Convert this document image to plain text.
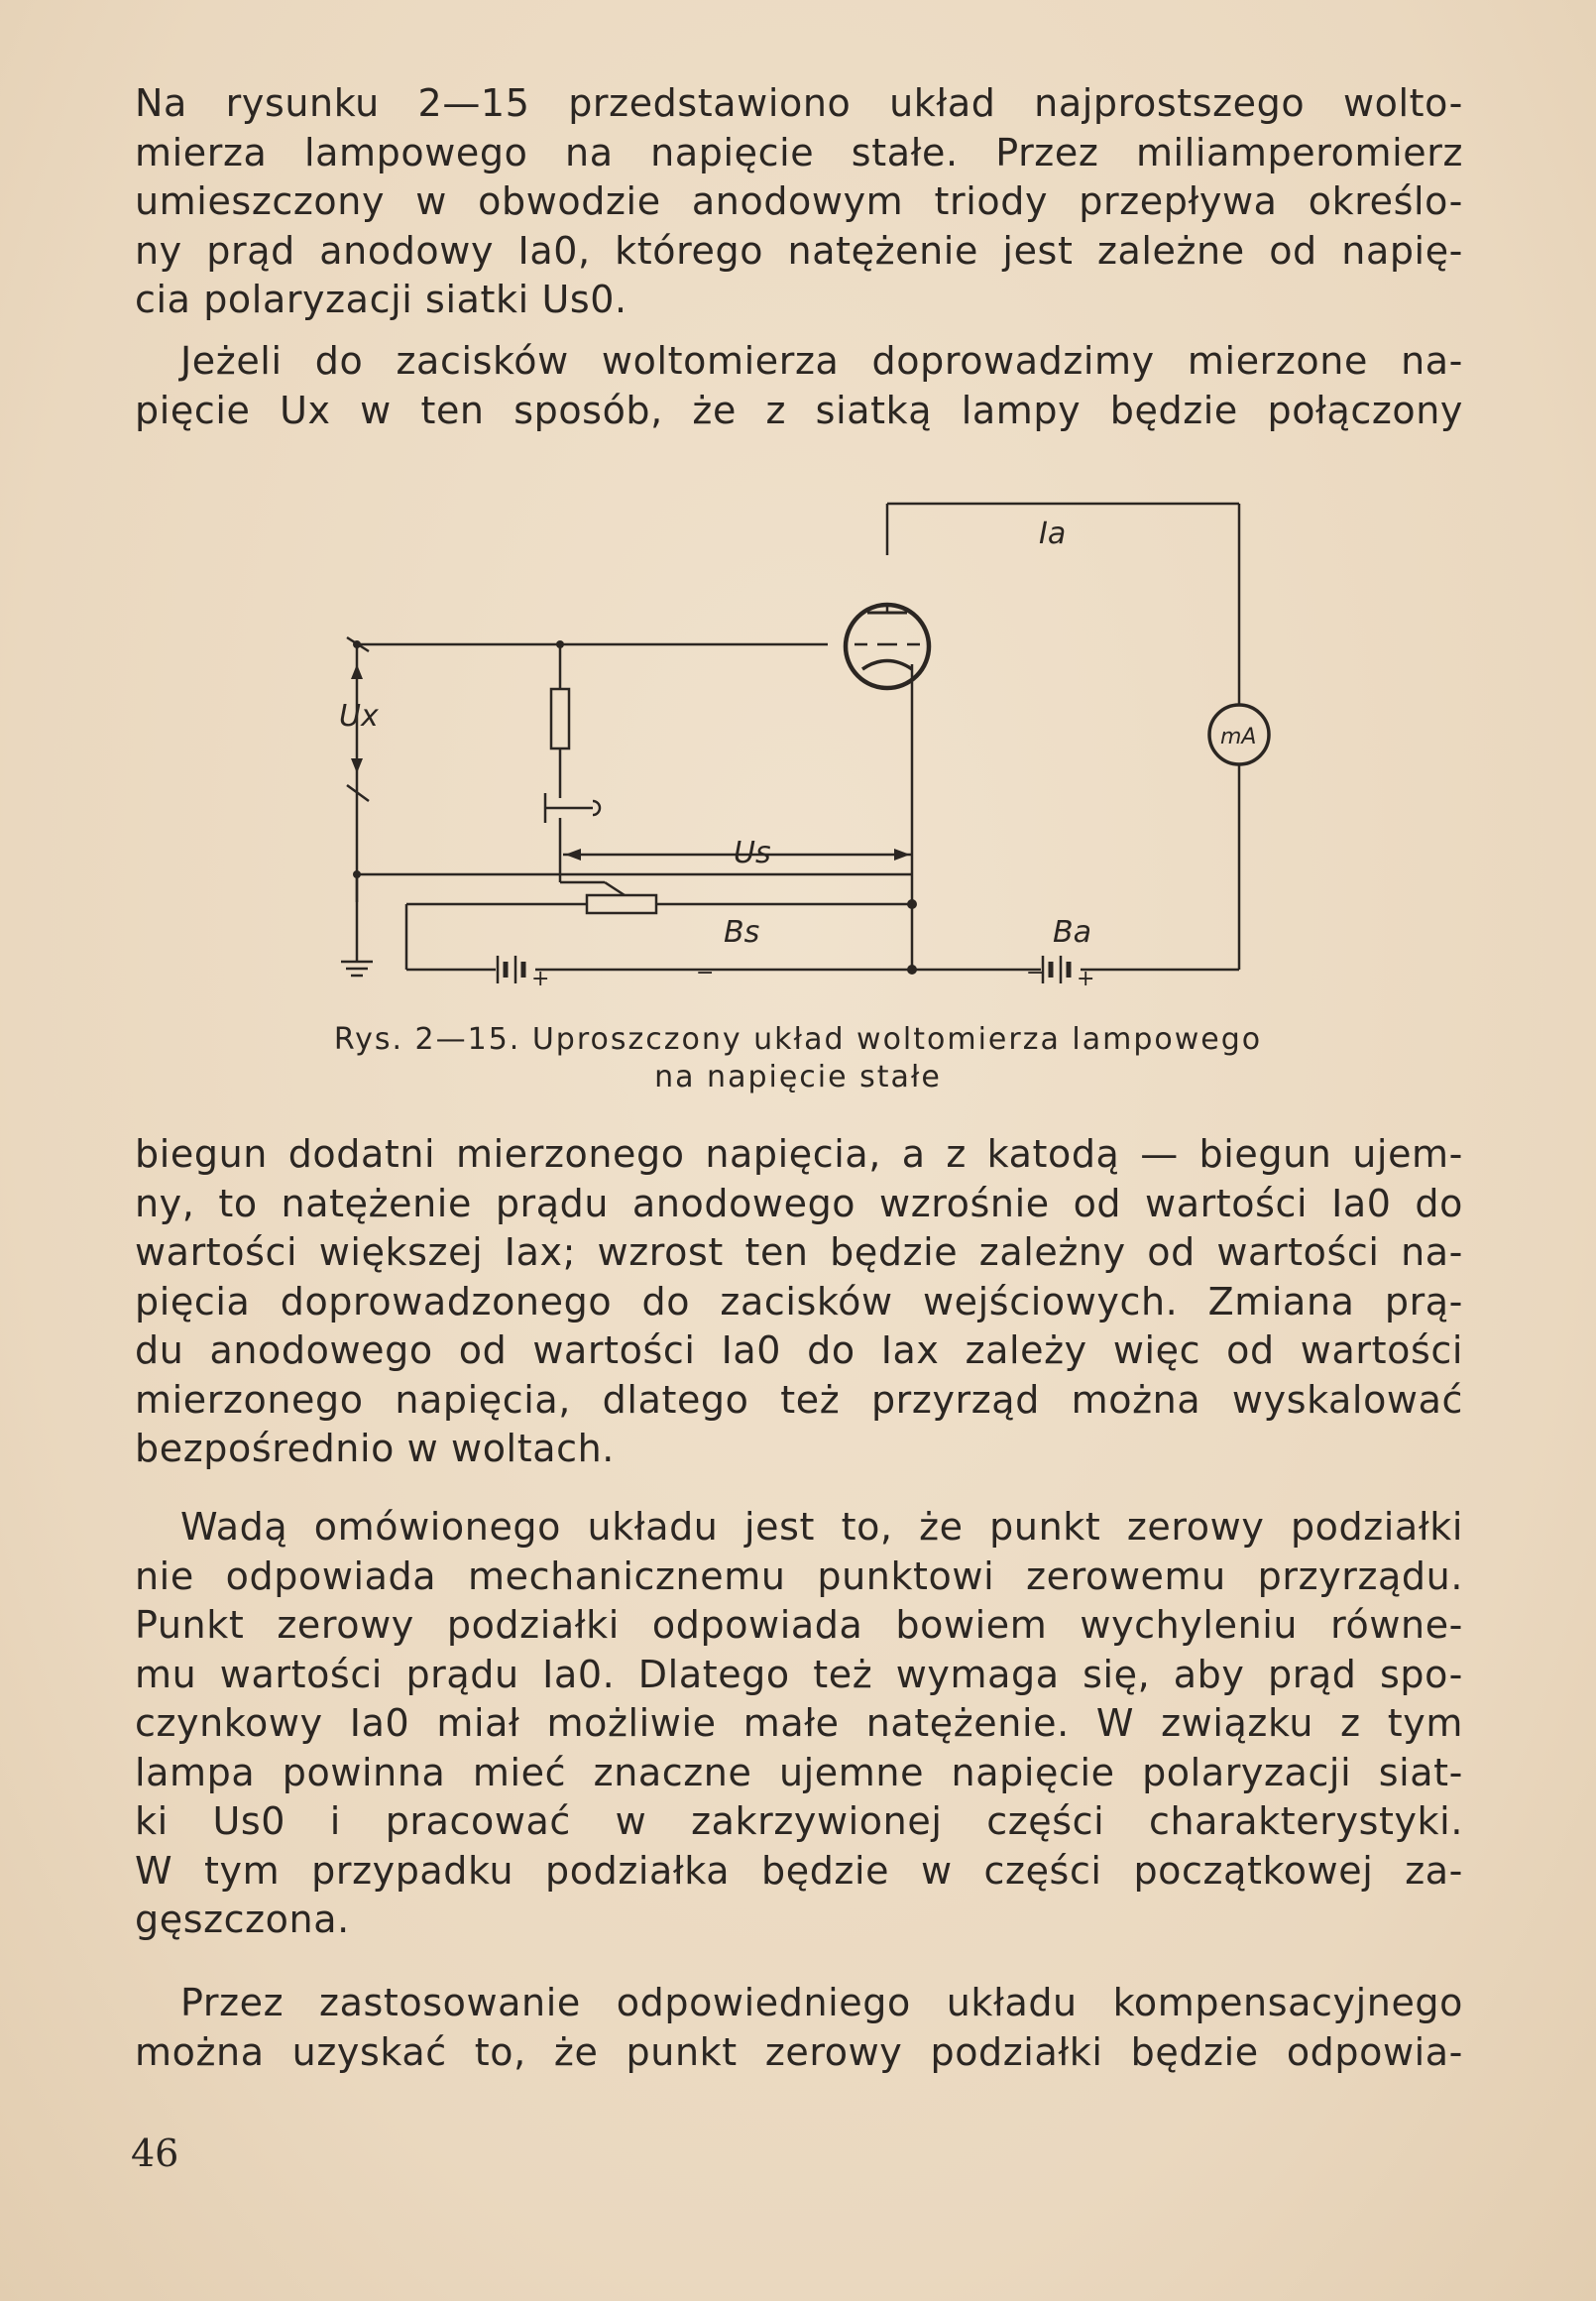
Na rysunku 2—15 przedstawiono układ najprostszego wolto-
mierza lampowego na napięcie stałe. Przez miliamperomierz
umieszczony w obwodzie anodowym triody przepływa określo-
ny prąd anodowy Ia0, którego natężenie jest zależne od napię-
cia polaryzacji siatki Us0.
Jeżeli do zacisków woltomierza doprowadzimy mierzone na-
pięcie Ux w ten sposób, że z siatką lampy będzie połączony
Ia
Ux
Us
Bs	Ba
mA
−
+	− +
Rys. 2—15. Uproszczony układ woltomierza lampowego
na napięcie stałe
biegun dodatni mierzonego napięcia, a z katodą — biegun ujem-
ny, to natężenie prądu anodowego wzrośnie od wartości Ia0 do
wartości większej Iax; wzrost ten będzie zależny od wartości na-
pięcia doprowadzonego do zacisków wejściowych. Zmiana prą-
du anodowego od wartości Ia0 do Iax zależy więc od wartości
mierzonego napięcia, dlatego też przyrząd można wyskalować
bezpośrednio w woltach.
Wadą omówionego układu jest to, że punkt zerowy podziałki
nie odpowiada mechanicznemu punktowi zerowemu przyrządu.
Punkt zerowy podziałki odpowiada bowiem wychyleniu równe-
mu wartości prądu Ia0. Dlatego też wymaga się, aby prąd spo-
czynkowy Ia0 miał możliwie małe natężenie. W związku z tym
lampa powinna mieć znaczne ujemne napięcie polaryzacji siat-
ki Us0 i pracować w zakrzywionej części charakterystyki.
W tym przypadku podziałka będzie w części początkowej za-
gęszczona.
Przez zastosowanie odpowiedniego układu kompensacyjnego
można uzyskać to, że punkt zerowy podziałki będzie odpowia-
46
